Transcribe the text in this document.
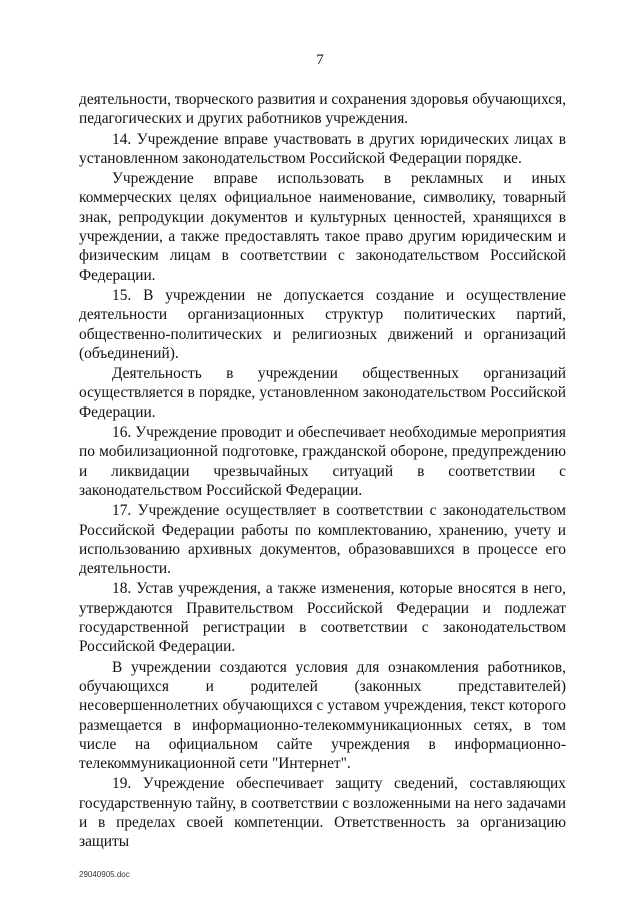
7

деятельности, творческого развития и сохранения здоровья обучающихся, педагогических и других работников учреждения.

14. Учреждение вправе участвовать в других юридических лицах в установленном законодательством Российской Федерации порядке.

Учреждение вправе использовать в рекламных и иных коммерческих целях официальное наименование, символику, товарный знак, репродукции документов и культурных ценностей, хранящихся в учреждении, а также предоставлять такое право другим юридическим и физическим лицам в соответствии с законодательством Российской Федерации.

15. В учреждении не допускается создание и осуществление деятельности организационных структур политических партий, общественно-политических и религиозных движений и организаций (объединений).

Деятельность в учреждении общественных организаций осуществляется в порядке, установленном законодательством Российской Федерации.

16. Учреждение проводит и обеспечивает необходимые мероприятия по мобилизационной подготовке, гражданской обороне, предупреждению и ликвидации чрезвычайных ситуаций в соответствии с законодательством Российской Федерации.

17. Учреждение осуществляет в соответствии с законодательством Российской Федерации работы по комплектованию, хранению, учету и использованию архивных документов, образовавшихся в процессе его деятельности.

18. Устав учреждения, а также изменения, которые вносятся в него, утверждаются Правительством Российской Федерации и подлежат государственной регистрации в соответствии с законодательством Российской Федерации.

В учреждении создаются условия для ознакомления работников, обучающихся и родителей (законных представителей) несовершеннолетних обучающихся с уставом учреждения, текст которого размещается в информационно-телекоммуникационных сетях, в том числе на официальном сайте учреждения в информационно-телекоммуникационной сети "Интернет".

19. Учреждение обеспечивает защиту сведений, составляющих государственную тайну, в соответствии с возложенными на него задачами и в пределах своей компетенции. Ответственность за организацию защиты

29040905.doc
